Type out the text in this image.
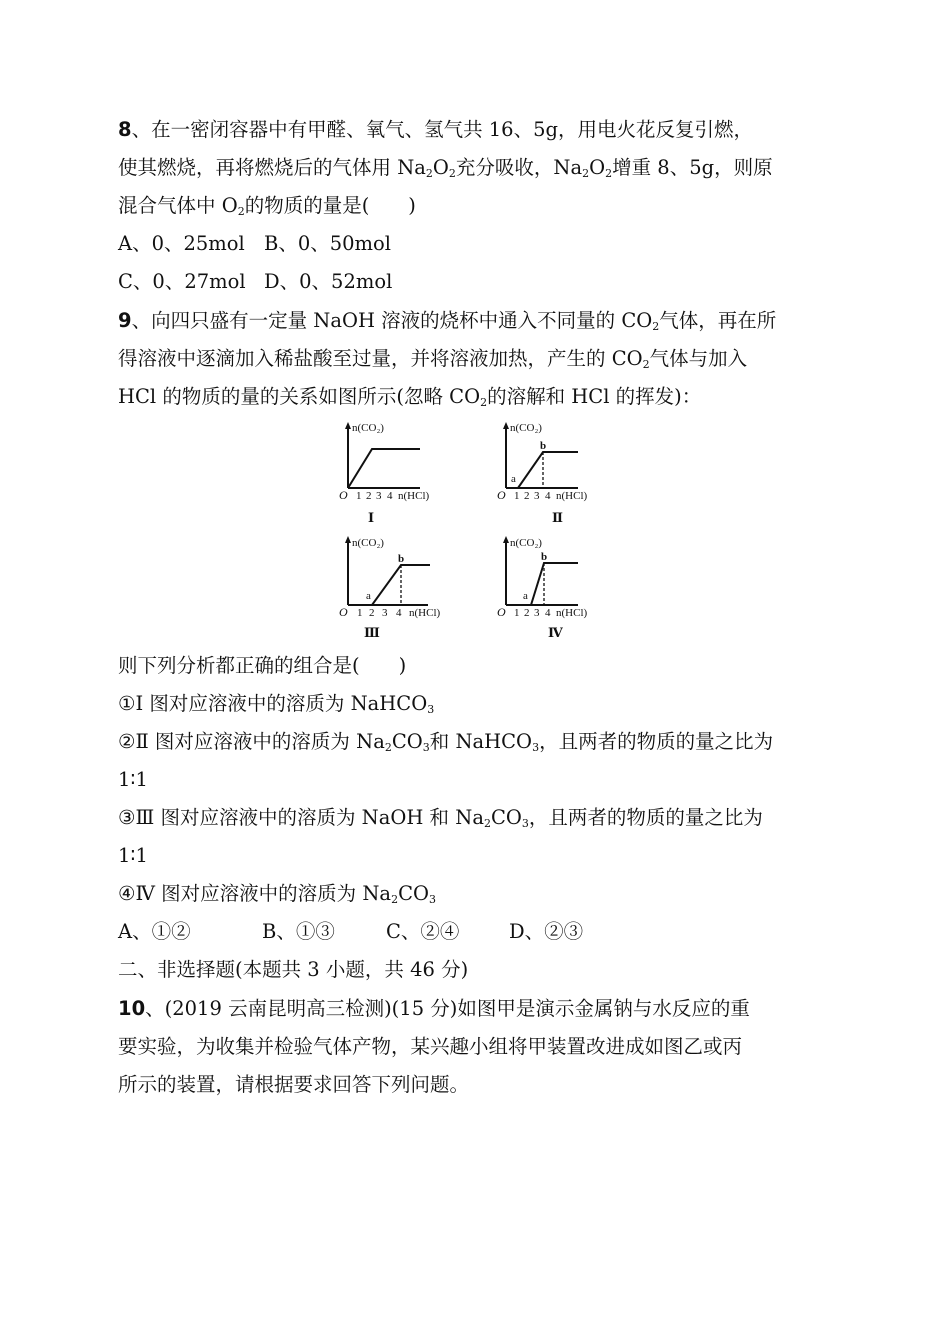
8、在一密闭容器中有甲醛、氧气、氢气共 16、5g，用电火花反复引燃，
使其燃烧，再将燃烧后的气体用 $Na_2O_2$充分吸收，$Na_2O_2$增重 8、5g，则原
混合气体中 $O_2$的物质的量是(　　)
A、0、25mol B、0、50mol
C、0、27mol D、0、52mol
9、向四只盛有一定量 NaOH 溶液的烧杯中通入不同量的 $CO_2$气体，再在所
得溶液中逐滴加入稀盐酸至过量，并将溶液加热，产生的 $CO_2$气体与加入
HCl 的物质的量的关系如图所示(忽略 $CO_2$的溶解和 HCl 的挥发)：
n(CO₂)
O 1 2 3 4 n(HCl)
Ⅰ
n(CO₂)
O 1 2 3 4 n(HCl)
a
b
Ⅱ
n(CO₂)
O 1 2 3 4 n(HCl)
a
b
Ⅲ
n(CO₂)
O 1 2 3 4 n(HCl)
a
b
Ⅳ
则下列分析都正确的组合是(　　)
①Ⅰ 图对应溶液中的溶质为 NaHCO$_3$
②Ⅱ 图对应溶液中的溶质为 $Na_2CO_3$和 NaHCO$_3$，且两者的物质的量之比为
1∶1
③Ⅲ 图对应溶液中的溶质为 NaOH 和 $Na_2CO_3$，且两者的物质的量之比为
1∶1
④Ⅳ 图对应溶液中的溶质为 $Na_2CO_3$
A、①②	B、①③	C、②④	D、②③
二、非选择题(本题共 3 小题，共 46 分)
10、(2019 云南昆明高三检测)(15 分)如图甲是演示金属钠与水反应的重
要实验，为收集并检验气体产物，某兴趣小组将甲装置改进成如图乙或丙
所示的装置，请根据要求回答下列问题。
